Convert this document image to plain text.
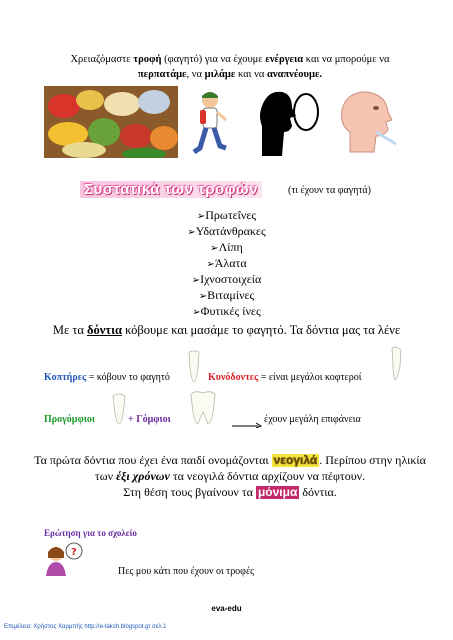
Χρειαζόμαστε τροφή (φαγητό) για να έχουμε ενέργεια και να μπορούμε να περπατάμε, να μιλάμε και να αναπνέουμε.
Συστατικά των τροφών	(τι έχουν τα φαγητά)
➢ Πρωτεΐνες
➢ Υδατάνθρακες
➢ Λίπη
➢ Άλατα
➢ Ιχνοστοιχεία
➢ Βιταμίνες
➢ Φυτικές ίνες
Με τα δόντια κόβουμε και μασάμε το φαγητό. Τα δόντια μας τα λένε
Κοπτήρες = κόβουν το φαγητό	Κυνόδοντες = είναι μεγάλοι κοφτεροί
Προγόμφιοι	+ Γόμφιοι	έχουν μεγάλη επιφάνεια
Τα πρώτα δόντια που έχει ένα παιδί ονομάζονται νεογιλά . Περίπου στην ηλικία των έξι χρόνων τα νεογιλά δόντια αρχίζουν να πέφτουν.
Στη θέση τους βγαίνουν τα μόνιμα δόντια.
Ερώτηση για το σχολείο
?
Πες μου κάτι που έχουν οι τροφές
eva-edu
Επιμέλεια: Χρήστος Χαρμπής http://e-taksh.blogspot.gr σελ.1
